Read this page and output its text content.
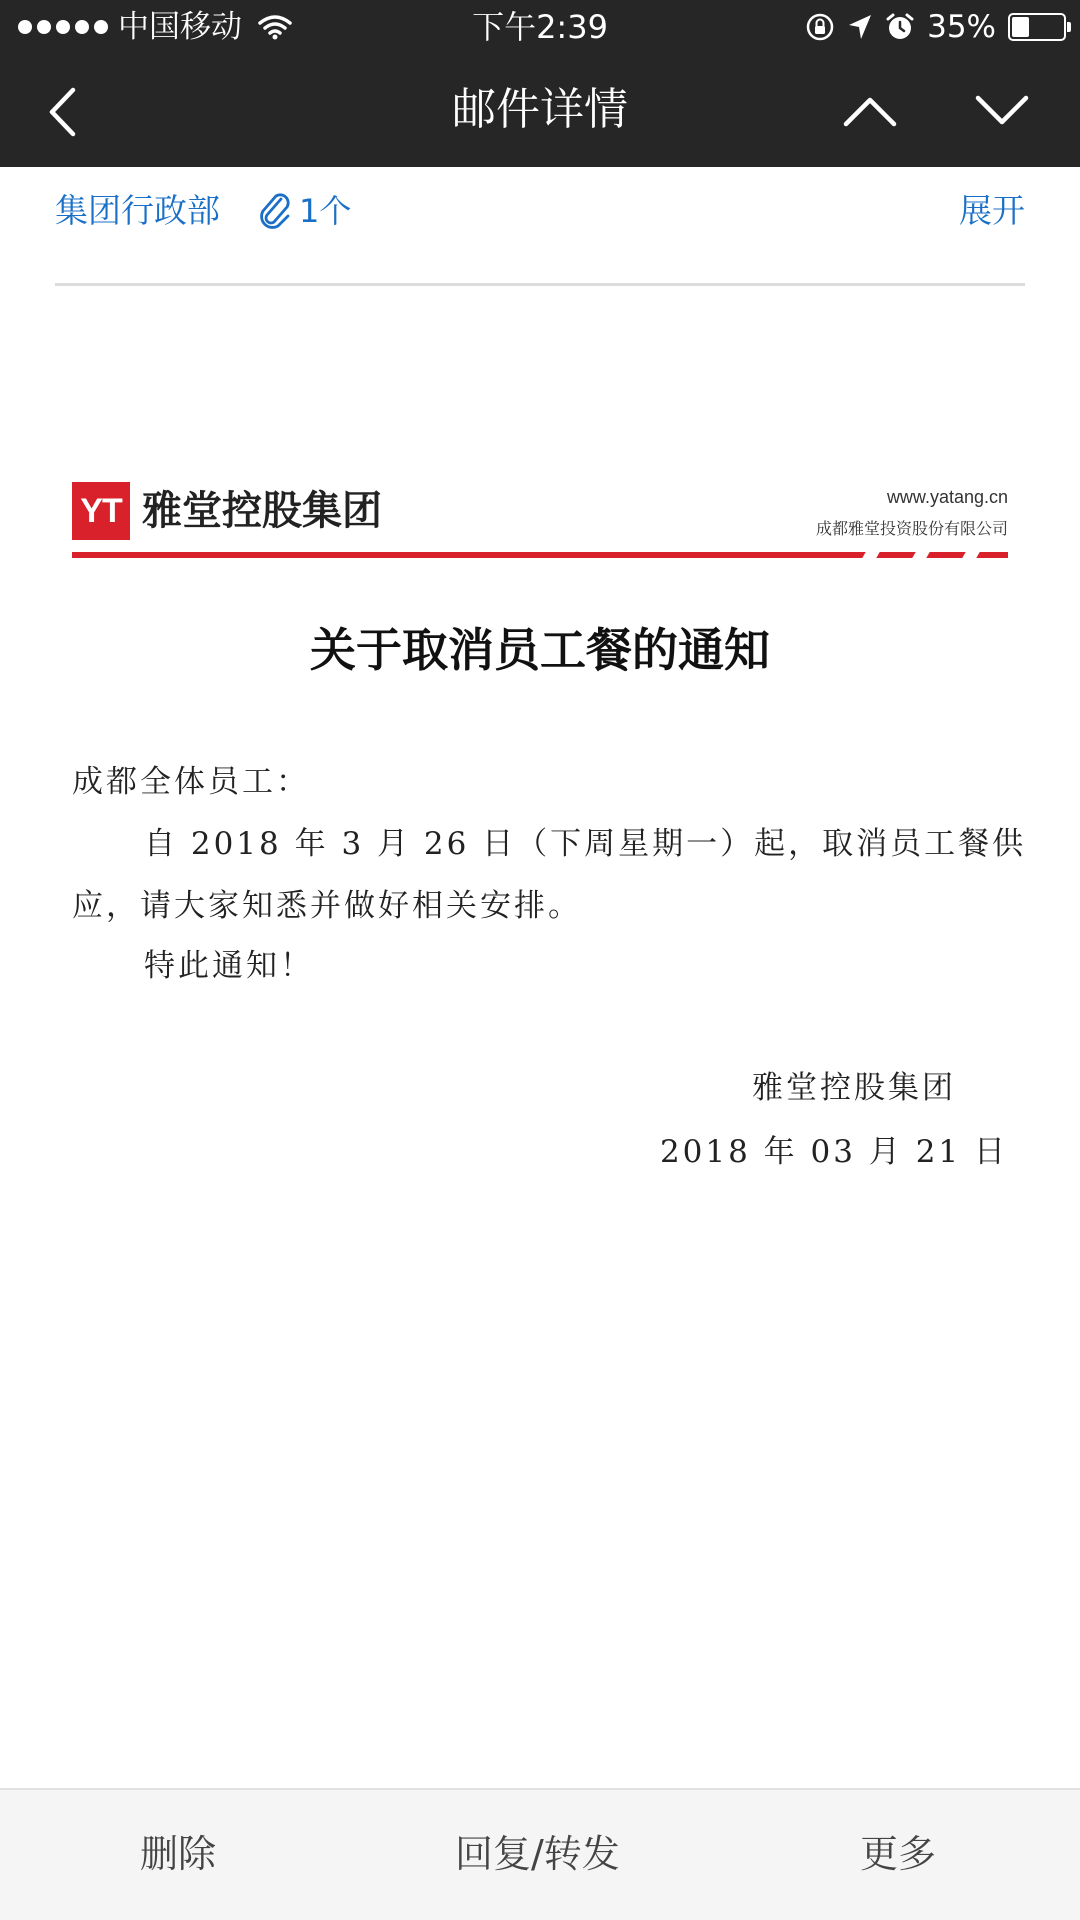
中国移动	下午2:39	35%
邮件详情
集团行政部 1个	展开
YT 雅堂控股集团	www.yatang.cn
成都雅堂投资股份有限公司
关于取消员工餐的通知
成都全体员工：
自 2018 年 3 月 26 日（下周星期一）起，取消员工餐供
应，请大家知悉并做好相关安排。
特此通知！
雅堂控股集团
2018 年 03 月 21 日
删除	回复/转发	更多
